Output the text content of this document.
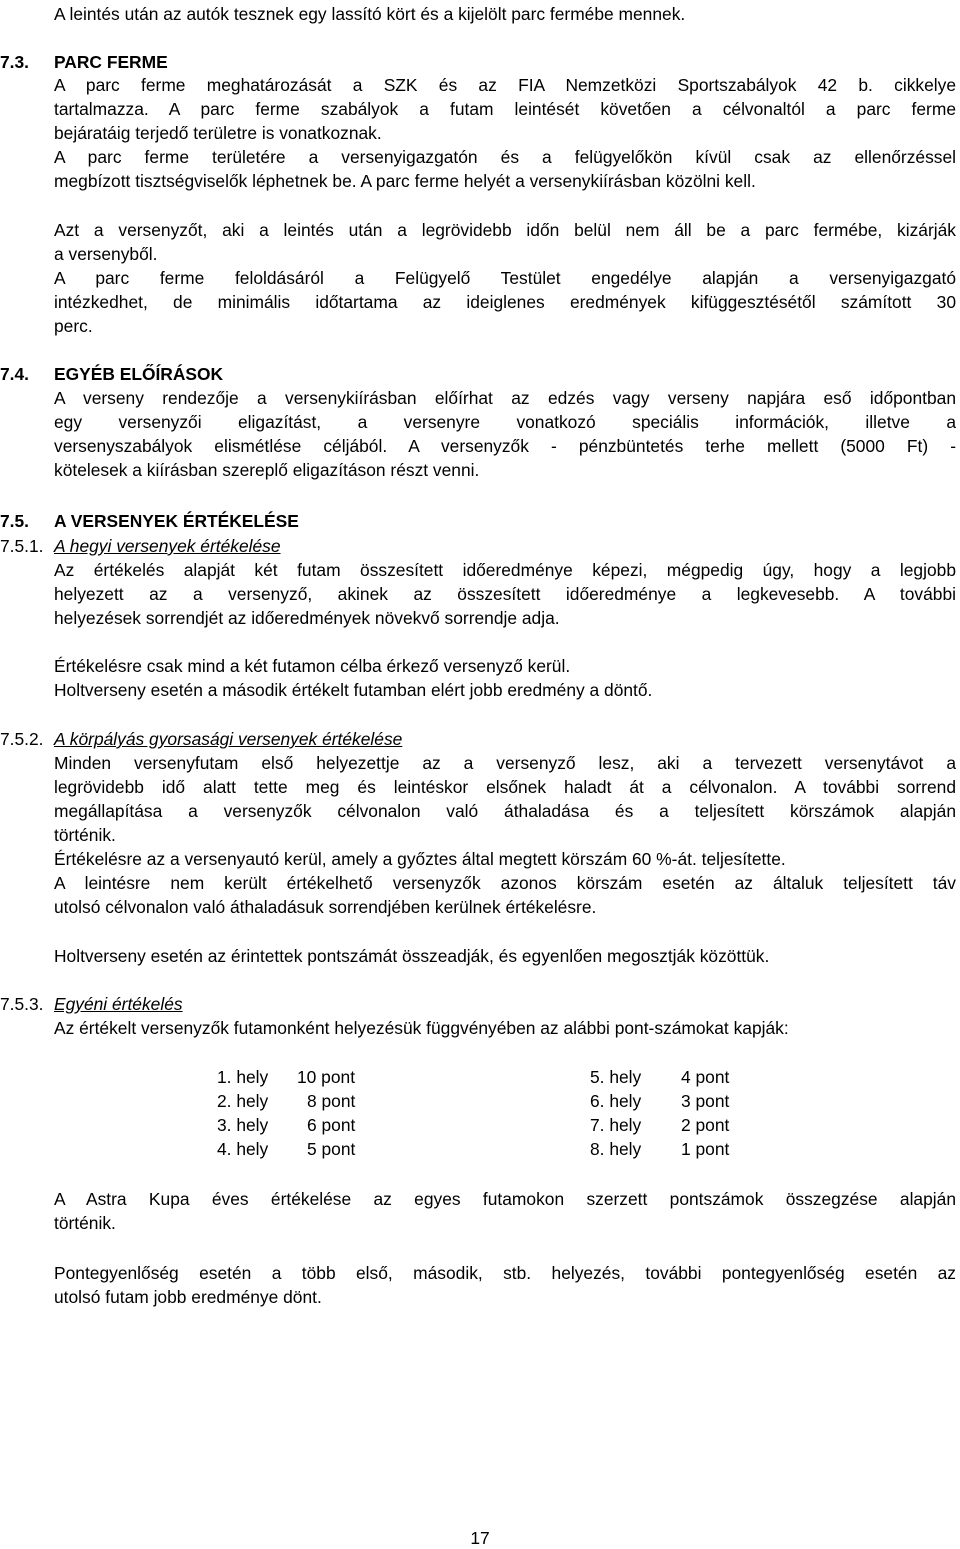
A leintés után az autók tesznek egy lassító kört és a kijelölt parc fermébe mennek.
7.3.	PARC FERME
A parc ferme meghatározását a SZK és az FIA Nemzetközi Sportszabályok 42 b. cikkelye
tartalmazza. A parc ferme szabályok a futam leintését követően a célvonaltól a parc ferme
bejáratáig terjedő területre is vonatkoznak.
A parc ferme területére a versenyigazgatón és a felügyelőkön kívül csak az ellenőrzéssel
megbízott tisztségviselők léphetnek be. A parc ferme helyét a versenykiírásban közölni kell.
Azt a versenyzőt, aki a leintés után a legrövidebb időn belül nem áll be a parc fermébe, kizárják
a versenyből.
A parc ferme feloldásáról a Felügyelő Testület engedélye alapján a versenyigazgató
intézkedhet, de minimális időtartama az ideiglenes eredmények kifüggesztésétől számított 30
perc.
7.4.	EGYÉB ELŐÍRÁSOK
A verseny rendezője a versenykiírásban előírhat az edzés vagy verseny napjára eső időpontban
egy versenyzői eligazítást, a versenyre vonatkozó speciális információk, illetve a
versenyszabályok elismétlése céljából. A versenyzők - pénzbüntetés terhe mellett (5000 Ft) -
kötelesek a kiírásban szereplő eligazításon részt venni.
7.5.	A VERSENYEK ÉRTÉKELÉSE
7.5.1. A hegyi versenyek értékelése
Az értékelés alapját két futam összesített időeredménye képezi, mégpedig úgy, hogy a legjobb
helyezett az a versenyző, akinek az összesített időeredménye a legkevesebb. A további
helyezések sorrendjét az időeredmények növekvő sorrendje adja.
Értékelésre csak mind a két futamon célba érkező versenyző kerül.
Holtverseny esetén a második értékelt futamban elért jobb eredmény a döntő.
7.5.2. A körpályás gyorsasági versenyek értékelése
Minden versenyfutam első helyezettje az a versenyző lesz, aki a tervezett versenytávot a
legrövidebb idő alatt tette meg és leintéskor elsőnek haladt át a célvonalon. A további sorrend
megállapítása a versenyzők célvonalon való áthaladása és a teljesített körszámok alapján
történik.
Értékelésre az a versenyautó kerül, amely a győztes által megtett körszám 60 %-át. teljesítette.
A leintésre nem került értékelhető versenyzők azonos körszám esetén az általuk teljesített táv
utolsó célvonalon való áthaladásuk sorrendjében kerülnek értékelésre.
Holtverseny esetén az érintettek pontszámát összeadják, és egyenlően megosztják közöttük.
7.5.3. Egyéni értékelés
Az értékelt versenyzők futamonként helyezésük függvényében az alábbi pont-számokat kapják:
1. hely 10 pont
2. hely 8 pont
3. hely 6 pont
4. hely 5 pont
5. hely 4 pont
6. hely 3 pont
7. hely 2 pont
8. hely 1 pont
A Astra Kupa éves értékelése az egyes futamokon szerzett pontszámok összegzése alapján
történik.
Pontegyenlőség esetén a több első, második, stb. helyezés, további pontegyenlőség esetén az
utolsó futam jobb eredménye dönt.
17
